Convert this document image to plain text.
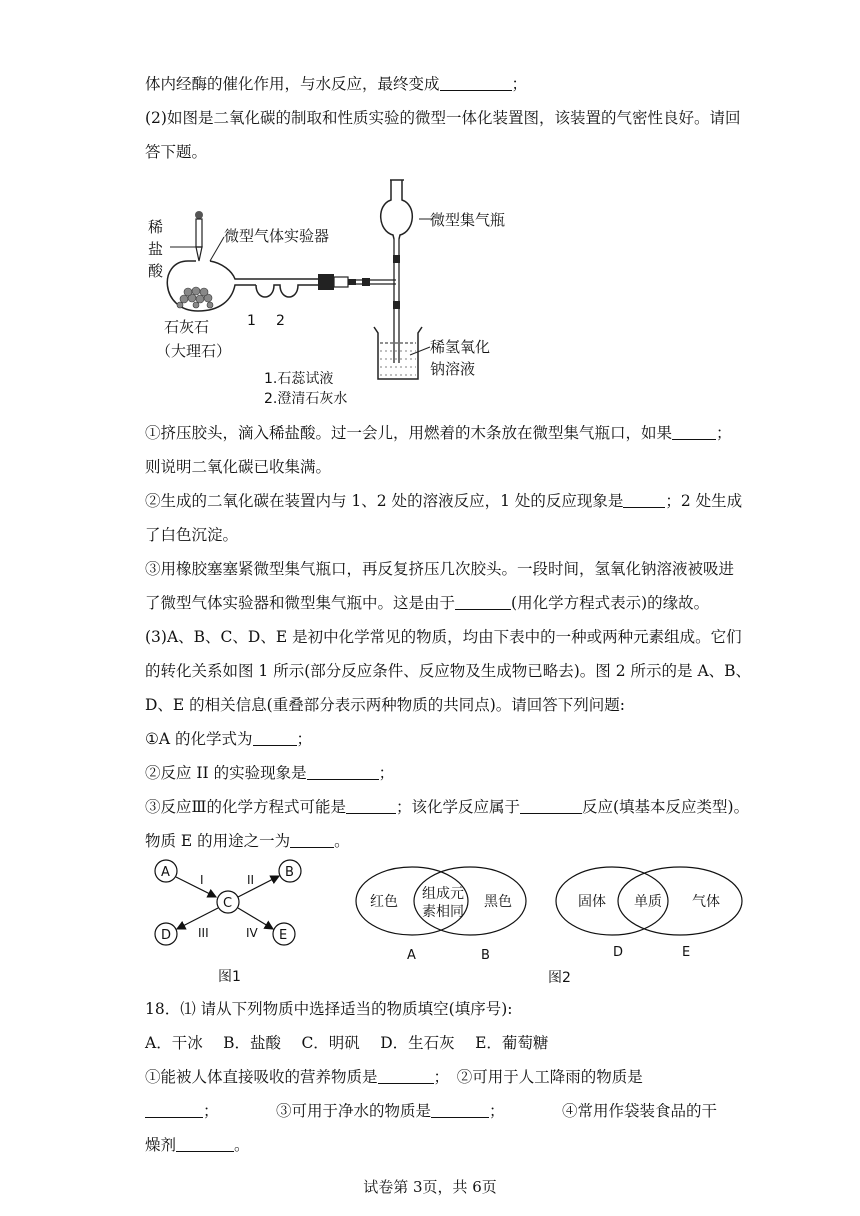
体内经酶的催化作用，与水反应，最终变成	；
(2)如图是二氧化碳的制取和性质实验的微型一体化装置图，该装置的气密性良好。请回
答下题。
稀
盐
酸
微型气体实验器
石灰石
（大理石）
1 2
微型集气瓶
稀氢氧化
钠溶液
1.石蕊试液
2.澄清石灰水
①挤压胶头，滴入稀盐酸。过一会儿，用燃着的木条放在微型集气瓶口，如果	；
则说明二氧化碳已收集满。
②生成的二氧化碳在装置内与 1、2 处的溶液反应，1 处的反应现象是	；2 处生成
了白色沉淀。
③用橡胶塞塞紧微型集气瓶口，再反复挤压几次胶头。一段时间，氢氧化钠溶液被吸进
了微型气体实验器和微型集气瓶中。这是由于	(用化学方程式表示)的缘故。
(3)A、B、C、D、E 是初中化学常见的物质，均由下表中的一种或两种元素组成。它们
的转化关系如图 1 所示(部分反应条件、反应物及生成物已略去)。图 2 所示的是 A、B、
D、E 的相关信息(重叠部分表示两种物质的共同点)。请回答下列问题:
①A 的化学式为	；
②反应 II 的实验现象是	；
③反应Ⅲ的化学方程式可能是	；该化学反应属于	反应(填基本反应类型)。
物质 E 的用途之一为	。
A	B
C
D	E
I	II
III	IV
图1
红色 组成元
素相同
黑色
A	B
固体 单质 气体
D	E
图2
18．⑴ 请从下列物质中选择适当的物质填空(填序号):
A．干冰　 B．盐酸　 C．明矾　 D．生石灰　 E．葡萄糖
①能被人体直接吸收的营养物质是	；　②可用于人工降雨的物质是
；	③可用于净水的物质是	；	④常用作袋装食品的干
燥剂	。
试卷第 3页，共 6页
